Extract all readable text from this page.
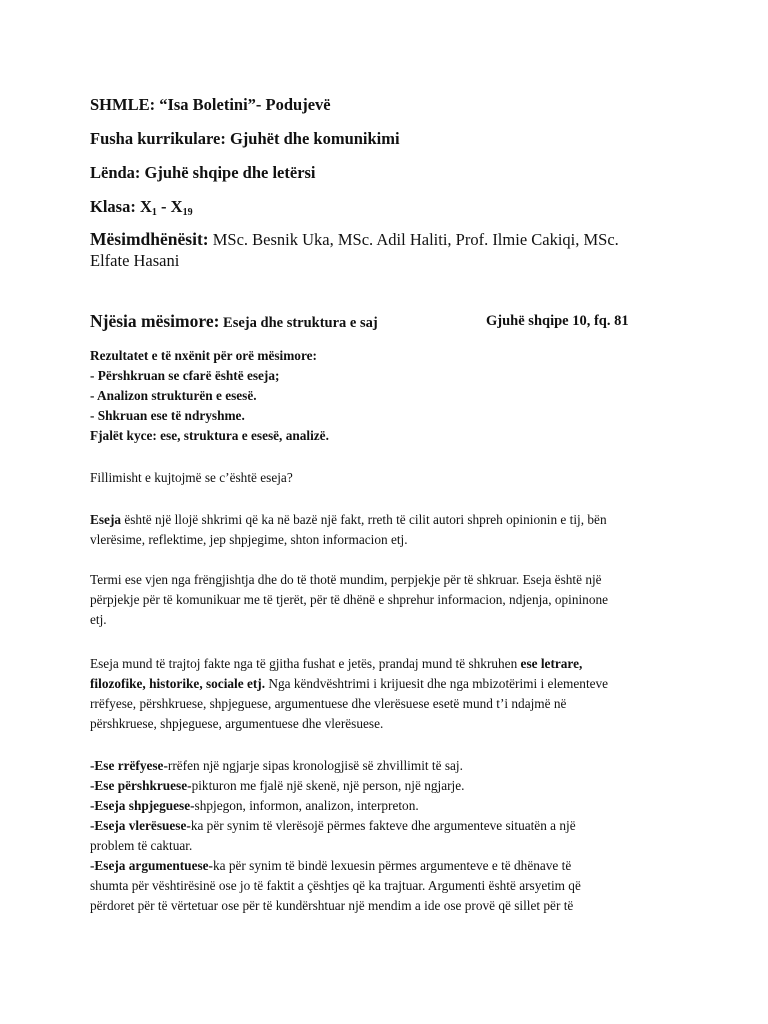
SHMLE: “Isa Boletini”- Podujevë
Fusha kurrikulare: Gjuhët dhe komunikimi
Lënda: Gjuhë shqipe dhe letërsi
Klasa: $X_1 - X_{19}$
Mësimdhënësit: MSc. Besnik Uka, MSc. Adil Haliti, Prof. Ilmie Cakiqi, MSc.
Elfate Hasani
Njësia mësimore: Eseja dhe struktura e saj	Gjuhë shqipe 10, fq. 81
Rezultatet e të nxënit për orë mësimore:
- Përshkruan se cfarë është eseja;
- Analizon strukturën e esesë.
- Shkruan ese të ndryshme.
Fjalët kyce: ese, struktura e esesë, analizë.
Fillimisht e kujtojmë se c’është eseja?
Eseja është një llojë shkrimi që ka në bazë një fakt, rreth të cilit autori shpreh opinionin e tij, bën
vlerësime, reflektime, jep shpjegime, shton informacion etj.
Termi ese vjen nga frëngjishtja dhe do të thotë mundim, perpjekje për të shkruar. Eseja është një
përpjekje për të komunikuar me të tjerët, për të dhënë e shprehur informacion, ndjenja, opininone
etj.
Eseja mund të trajtoj fakte nga të gjitha fushat e jetës, prandaj mund të shkruhen ese letrare,
filozofike, historike, sociale etj. Nga këndvështrimi i krijuesit dhe nga mbizotërimi i elementeve
rrëfyese, përshkruese, shpjeguese, argumentuese dhe vlerësuese esetë mund t’i ndajmë në
përshkruese, shpjeguese, argumentuese dhe vlerësuese.
-Ese rrëfyese-rrëfen një ngjarje sipas kronologjisë së zhvillimit të saj.
-Ese përshkruese-pikturon me fjalë një skenë, një person, një ngjarje.
-Eseja shpjeguese-shpjegon, informon, analizon, interpreton.
-Eseja vlerësuese-ka për synim të vlerësojë përmes fakteve dhe argumenteve situatën a një
problem të caktuar.
-Eseja argumentuese-ka për synim të bindë lexuesin përmes argumenteve e të dhënave të
shumta për vështirësinë ose jo të faktit a çështjes që ka trajtuar. Argumenti është arsyetim që
përdoret për të vërtetuar ose për të kundërshtuar një mendim a ide ose provë që sillet për të
